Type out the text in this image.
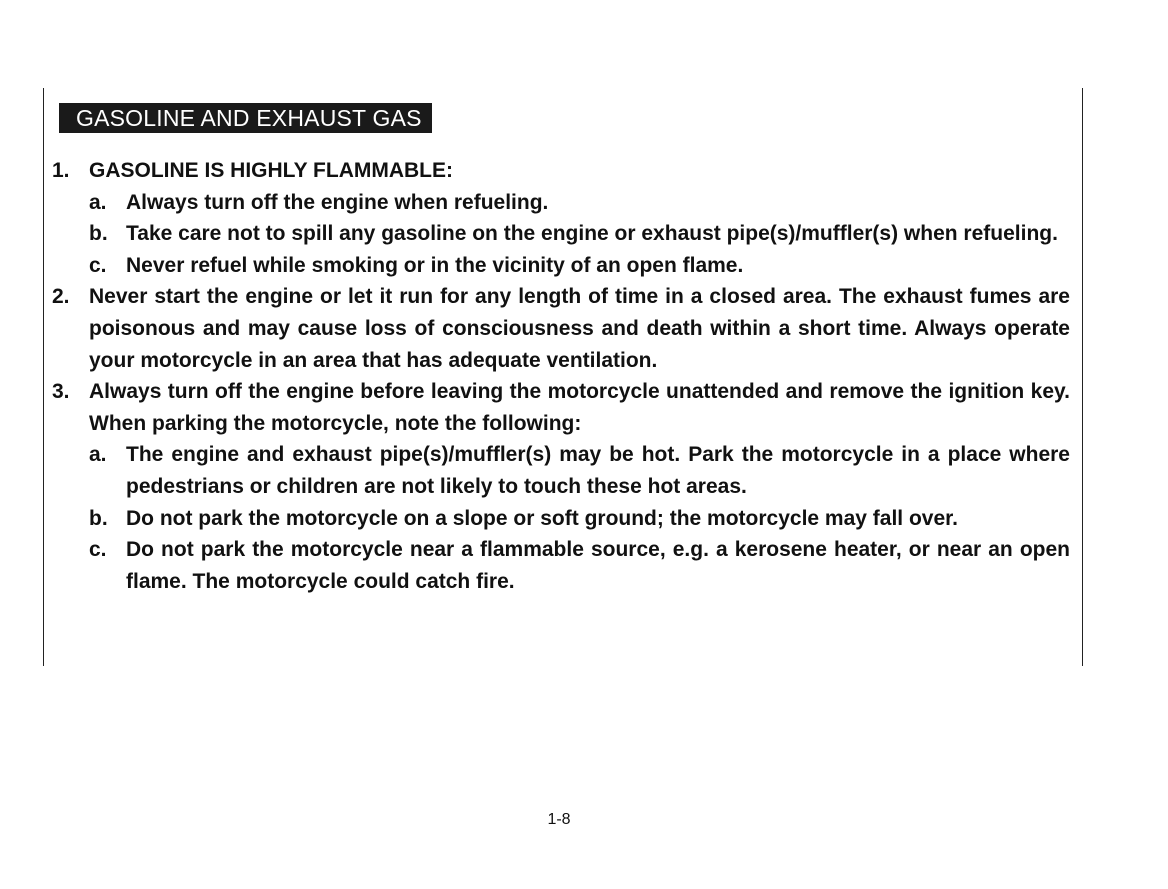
GASOLINE AND EXHAUST GAS
1. GASOLINE IS HIGHLY FLAMMABLE:
a. Always turn off the engine when refueling.
b. Take care not to spill any gasoline on the engine or exhaust pipe(s)/muffler(s) when refueling.
c. Never refuel while smoking or in the vicinity of an open flame.
2. Never start the engine or let it run for any length of time in a closed area. The exhaust fumes are poisonous and may cause loss of consciousness and death within a short time. Always operate your motorcycle in an area that has adequate ventilation.
3. Always turn off the engine before leaving the motorcycle unattended and remove the ignition key. When parking the motorcycle, note the following:
a. The engine and exhaust pipe(s)/muffler(s) may be hot. Park the motorcycle in a place where pedestrians or children are not likely to touch these hot areas.
b. Do not park the motorcycle on a slope or soft ground; the motorcycle may fall over.
c. Do not park the motorcycle near a flammable source, e.g. a kerosene heater, or near an open flame. The motorcycle could catch fire.
1-8
